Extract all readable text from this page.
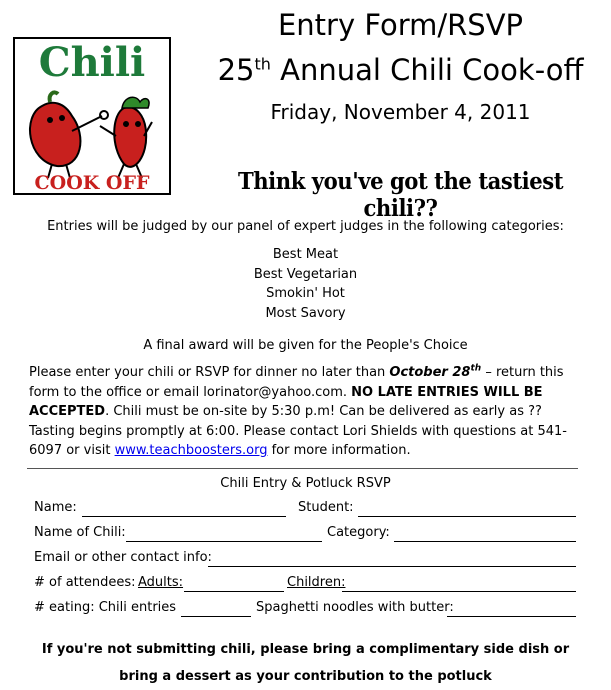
Chili
COOK OFF
Entry Form/RSVP
25th Annual Chili Cook-off
Friday, November 4, 2011
Think you've got the tastiest chili??
Entries will be judged by our panel of expert judges in the following categories:
Best Meat
Best Vegetarian
Smokin' Hot
Most Savory
A final award will be given for the People's Choice
Please enter your chili or RSVP for dinner no later than October 28th – return this form to the office or email lorinator@yahoo.com. NO LATE ENTRIES WILL BE ACCEPTED. Chili must be on-site by 5:30 p.m! Can be delivered as early as ?? Tasting begins promptly at 6:00. Please contact Lori Shields with questions at 541-6097 or visit www.teachboosters.org for more information.
Chili Entry & Potluck RSVP
Name:	Student:
Name of Chili:	Category:
Email or other contact info:
# of attendees: Adults:	Children:
# eating: Chili entries	Spaghetti noodles with butter:
If you're not submitting chili, please bring a complimentary side dish or
bring a dessert as your contribution to the potluck
